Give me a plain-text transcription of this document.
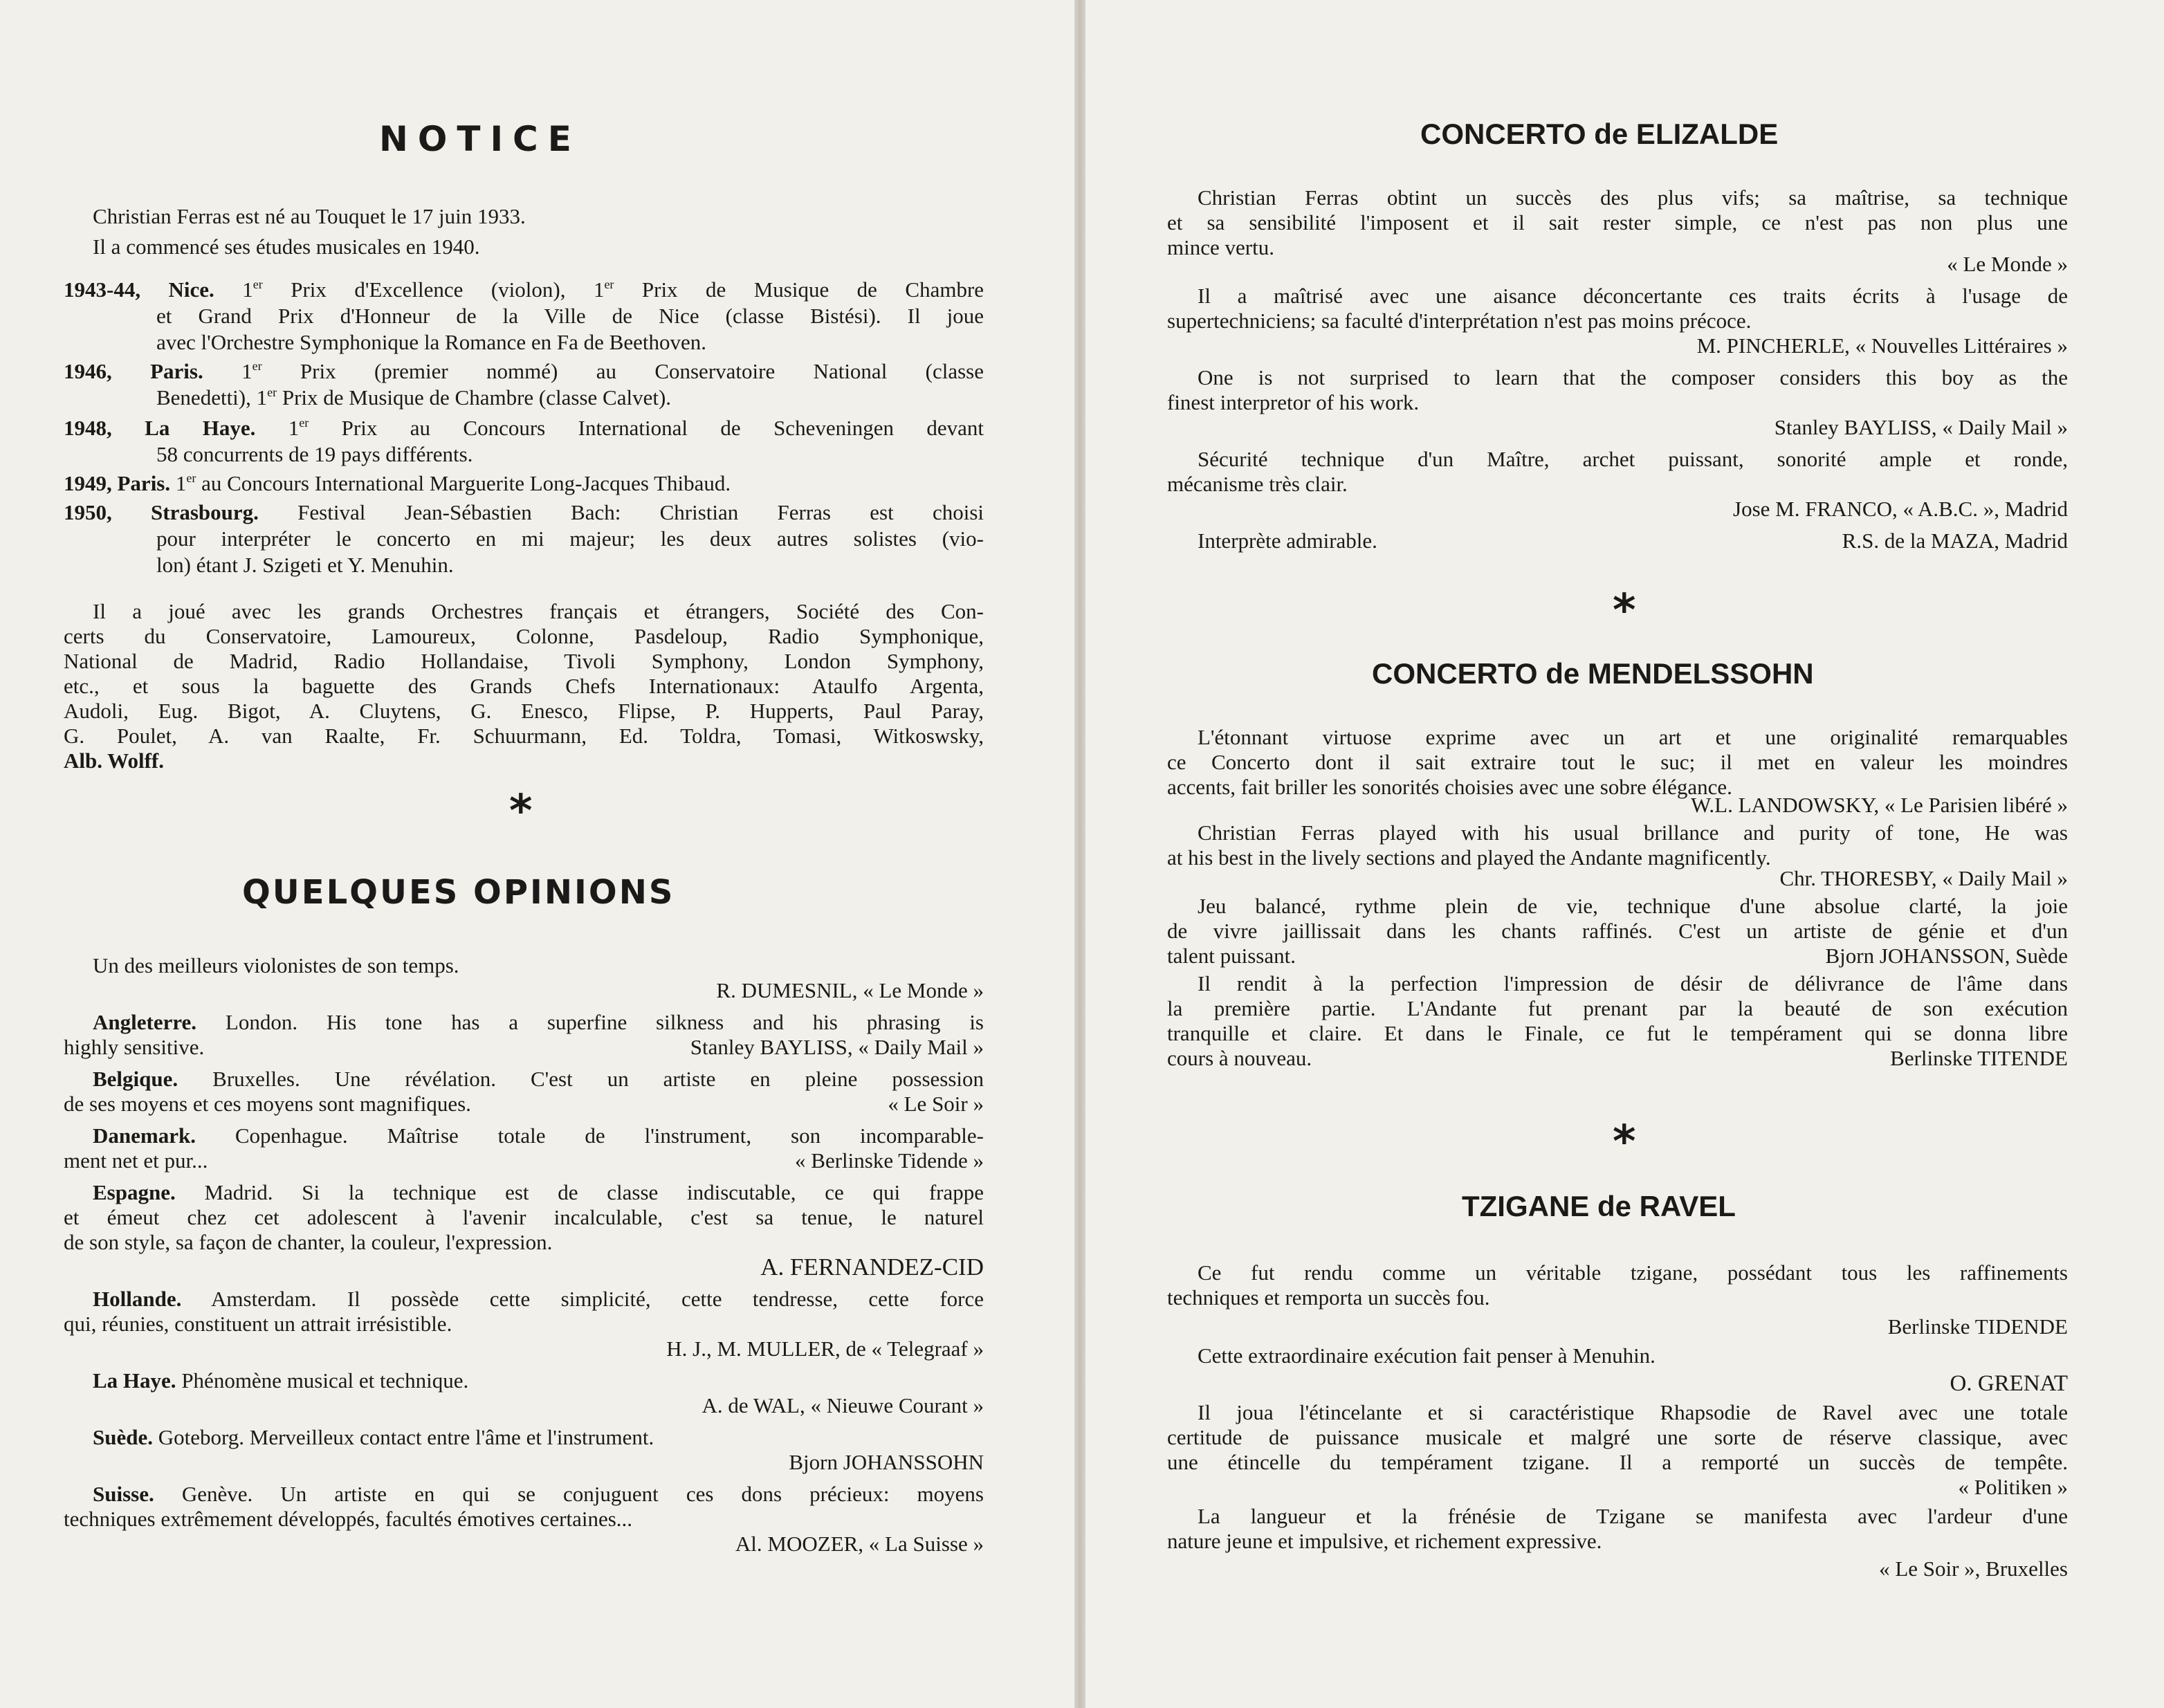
NOTICE
Christian Ferras est né au Touquet le 17 juin 1933.
Il a commencé ses études musicales en 1940.
1943-44, Nice. 1er Prix d'Excellence (violon), 1er Prix de Musique de Chambre
et Grand Prix d'Honneur de la Ville de Nice (classe Bistési). Il joue
avec l'Orchestre Symphonique la Romance en Fa de Beethoven.
1946, Paris. 1er Prix (premier nommé) au Conservatoire National (classe
Benedetti), 1er Prix de Musique de Chambre (classe Calvet).
1948, La Haye. 1er Prix au Concours International de Scheveningen devant
58 concurrents de 19 pays différents.
1949, Paris. 1er au Concours International Marguerite Long-Jacques Thibaud.
1950, Strasbourg. Festival Jean-Sébastien Bach: Christian Ferras est choisi
pour interpréter le concerto en mi majeur; les deux autres solistes (vio-
lon) étant J. Szigeti et Y. Menuhin.
Il a joué avec les grands Orchestres français et étrangers, Société des Con-
certs du Conservatoire, Lamoureux, Colonne, Pasdeloup, Radio Symphonique,
National de Madrid, Radio Hollandaise, Tivoli Symphony, London Symphony,
etc., et sous la baguette des Grands Chefs Internationaux: Ataulfo Argenta,
Audoli, Eug. Bigot, A. Cluytens, G. Enesco, Flipse, P. Hupperts, Paul Paray,
G. Poulet, A. van Raalte, Fr. Schuurmann, Ed. Toldra, Tomasi, Witkoswsky,
Alb. Wolff.
*
QUELQUES OPINIONS
Un des meilleurs violonistes de son temps.
R. DUMESNIL, « Le Monde »
Angleterre. London. His tone has a superfine silkness and his phrasing is
highly sensitive.	Stanley BAYLISS, « Daily Mail »
Belgique. Bruxelles. Une révélation. C'est un artiste en pleine possession
de ses moyens et ces moyens sont magnifiques.	« Le Soir »
Danemark. Copenhague. Maîtrise totale de l'instrument, son incomparable-
ment net et pur...	« Berlinske Tidende »
Espagne. Madrid. Si la technique est de classe indiscutable, ce qui frappe
et émeut chez cet adolescent à l'avenir incalculable, c'est sa tenue, le naturel
de son style, sa façon de chanter, la couleur, l'expression.
A. FERNANDEZ-CID
Hollande. Amsterdam. Il possède cette simplicité, cette tendresse, cette force
qui, réunies, constituent un attrait irrésistible.
H. J., M. MULLER, de « Telegraaf »
La Haye. Phénomène musical et technique.
A. de WAL, « Nieuwe Courant »
Suède. Goteborg. Merveilleux contact entre l'âme et l'instrument.
Bjorn JOHANSSOHN
Suisse. Genève. Un artiste en qui se conjuguent ces dons précieux: moyens
techniques extrêmement développés, facultés émotives certaines...
Al. MOOZER, « La Suisse »
CONCERTO de ELIZALDE
Christian Ferras obtint un succès des plus vifs; sa maîtrise, sa technique
et sa sensibilité l'imposent et il sait rester simple, ce n'est pas non plus une
mince vertu.
« Le Monde »
Il a maîtrisé avec une aisance déconcertante ces traits écrits à l'usage de
supertechniciens; sa faculté d'interprétation n'est pas moins précoce.
M. PINCHERLE, « Nouvelles Littéraires »
One is not surprised to learn that the composer considers this boy as the
finest interpretor of his work.
Stanley BAYLISS, « Daily Mail »
Sécurité technique d'un Maître, archet puissant, sonorité ample et ronde,
mécanisme très clair.
Jose M. FRANCO, « A.B.C. », Madrid
Interprète admirable.	R.S. de la MAZA, Madrid
*
CONCERTO de MENDELSSOHN
L'étonnant virtuose exprime avec un art et une originalité remarquables
ce Concerto dont il sait extraire tout le suc; il met en valeur les moindres
accents, fait briller les sonorités choisies avec une sobre élégance.
W.L. LANDOWSKY, « Le Parisien libéré »
Christian Ferras played with his usual brillance and purity of tone, He was
at his best in the lively sections and played the Andante magnificently.
Chr. THORESBY, « Daily Mail »
Jeu balancé, rythme plein de vie, technique d'une absolue clarté, la joie
de vivre jaillissait dans les chants raffinés. C'est un artiste de génie et d'un
talent puissant.	Bjorn JOHANSSON, Suède
Il rendit à la perfection l'impression de désir de délivrance de l'âme dans
la première partie. L'Andante fut prenant par la beauté de son exécution
tranquille et claire. Et dans le Finale, ce fut le tempérament qui se donna libre
cours à nouveau.	Berlinske TITENDE
*
TZIGANE de RAVEL
Ce fut rendu comme un véritable tzigane, possédant tous les raffinements
techniques et remporta un succès fou.
Berlinske TIDENDE
Cette extraordinaire exécution fait penser à Menuhin.
O. GRENAT
Il joua l'étincelante et si caractéristique Rhapsodie de Ravel avec une totale
certitude de puissance musicale et malgré une sorte de réserve classique, avec
une étincelle du tempérament tzigane. Il a remporté un succès de tempête.
« Politiken »
La langueur et la frénésie de Tzigane se manifesta avec l'ardeur d'une
nature jeune et impulsive, et richement expressive.
« Le Soir », Bruxelles
